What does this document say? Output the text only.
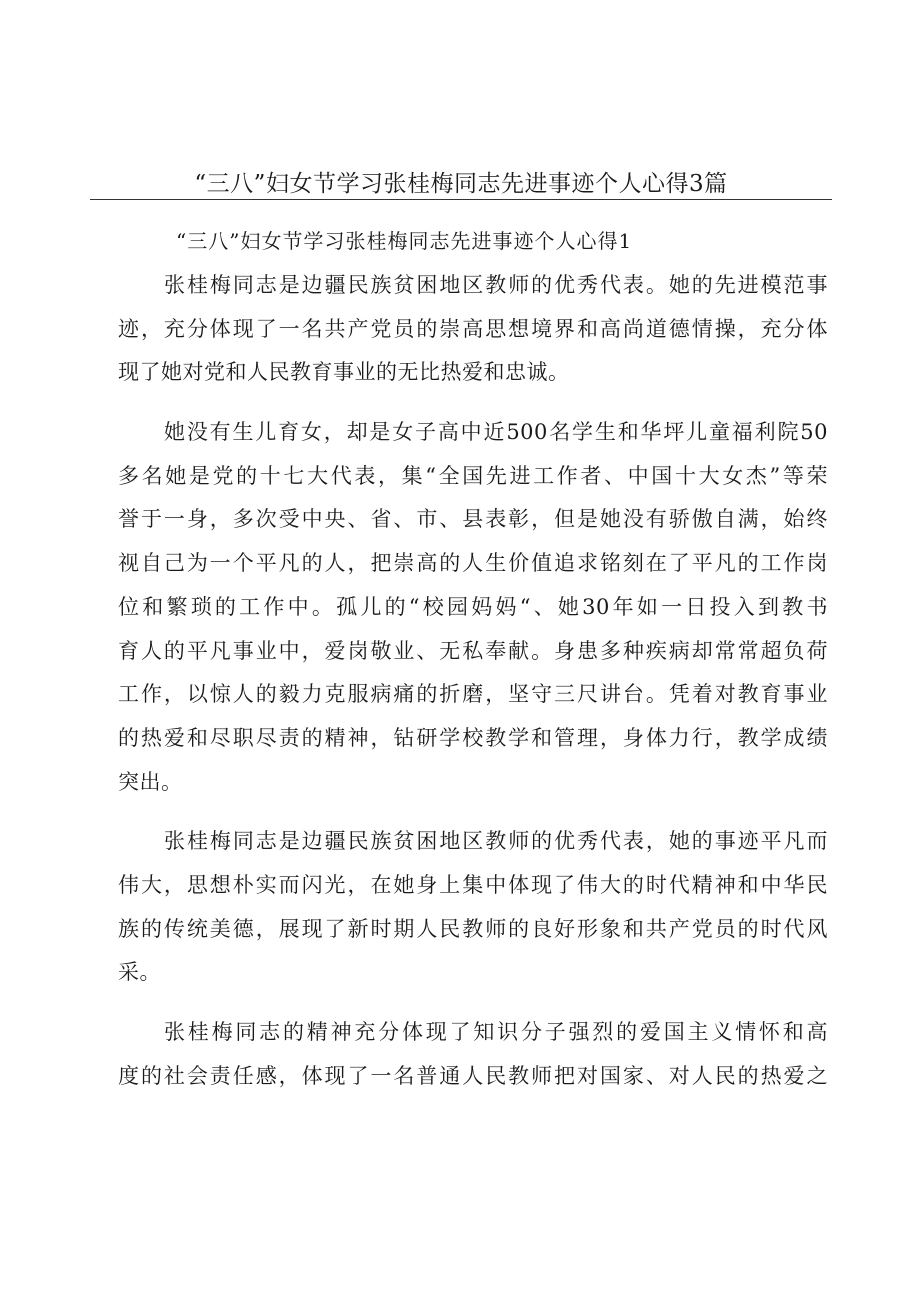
“三八”妇女节学习张桂梅同志先进事迹个人心得3篇
“三八”妇女节学习张桂梅同志先进事迹个人心得1
张桂梅同志是边疆民族贫困地区教师的优秀代表。她的先进模范事
迹，充分体现了一名共产党员的崇高思想境界和高尚道德情操，充分体
现了她对党和人民教育事业的无比热爱和忠诚。
她没有生儿育女，却是女子高中近500名学生和华坪儿童福利院50
多名她是党的十七大代表，集“全国先进工作者、中国十大女杰”等荣
誉于一身，多次受中央、省、市、县表彰，但是她没有骄傲自满，始终
视自己为一个平凡的人，把崇高的人生价值追求铭刻在了平凡的工作岗
位和繁琐的工作中。孤儿的“校园妈妈“、她30年如一日投入到教书
育人的平凡事业中，爱岗敬业、无私奉献。身患多种疾病却常常超负荷
工作，以惊人的毅力克服病痛的折磨，坚守三尺讲台。凭着对教育事业
的热爱和尽职尽责的精神，钻研学校教学和管理，身体力行，教学成绩
突出。
张桂梅同志是边疆民族贫困地区教师的优秀代表，她的事迹平凡而
伟大，思想朴实而闪光，在她身上集中体现了伟大的时代精神和中华民
族的传统美德，展现了新时期人民教师的良好形象和共产党员的时代风
采。
张桂梅同志的精神充分体现了知识分子强烈的爱国主义情怀和高
度的社会责任感，体现了一名普通人民教师把对国家、对人民的热爱之
